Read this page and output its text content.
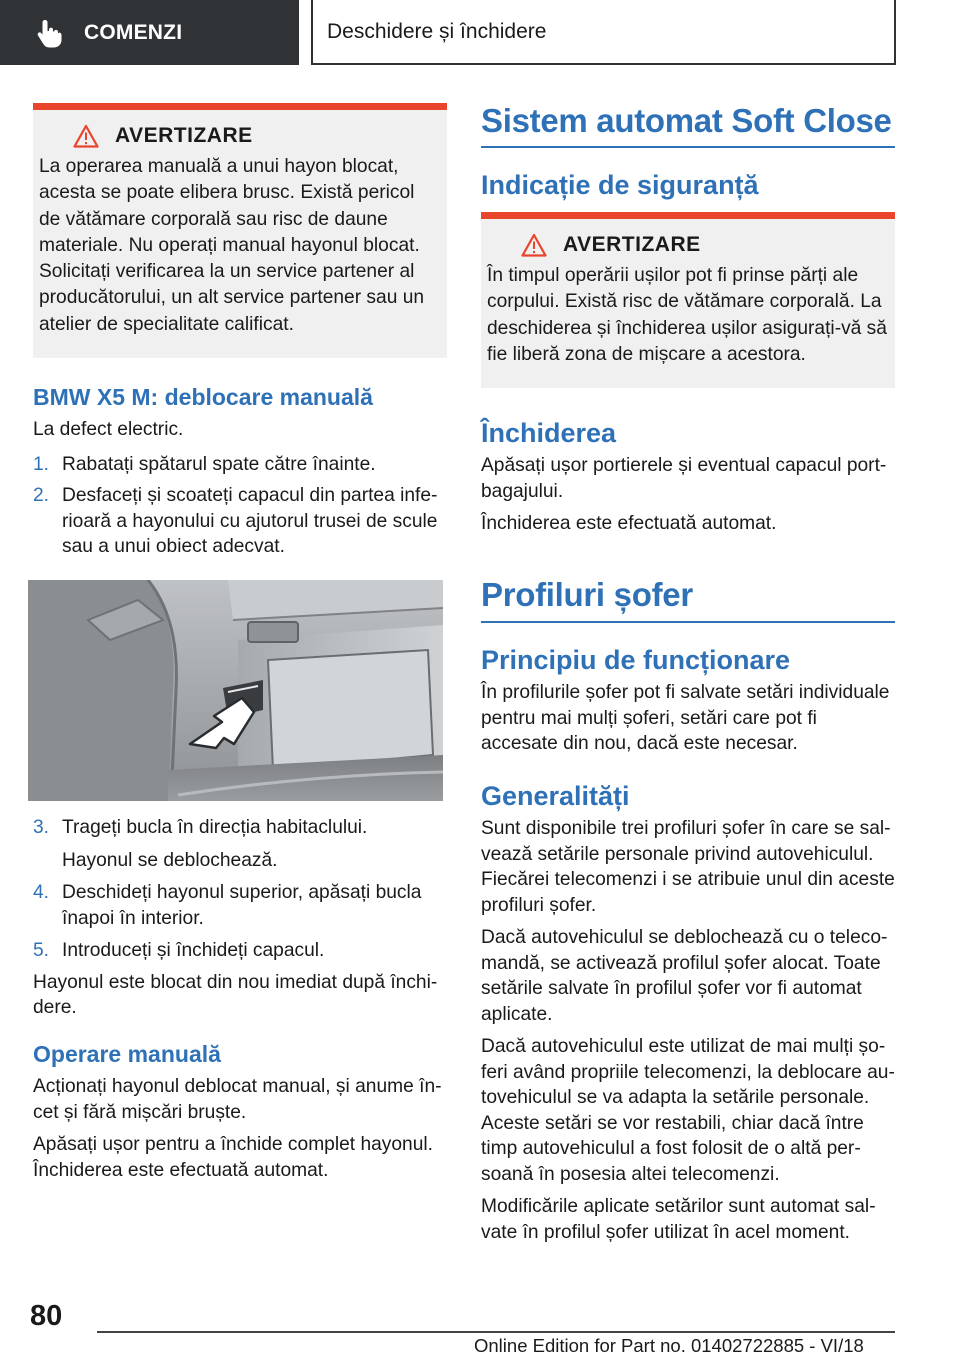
COMENZI	Deschidere și închidere
AVERTIZARE
La operarea manuală a unui hayon blocat, acesta se poate elibera brusc. Există pericol de vătămare corporală sau risc de daune materiale. Nu operați manual hayonul blocat. Solicitați verificarea la un service partener al producătorului, un alt service partener sau un atelier de specialitate calificat.
BMW X5 M: deblocare manuală

La defect electric.

1. Rabatați spătarul spate către înainte.
2. Desfaceți și scoateți capacul din partea inferioară a hayonului cu ajutorul trusei de scule sau a unui obiect adecvat.
3. Trageți bucla în direcția habitaclului.

Hayonul se deblochează.

4. Deschideți hayonul superior, apăsați bucla înapoi în interior.
5. Introduceți și închideți capacul.

Hayonul este blocat din nou imediat după închidere.

Operare manuală

Acționați hayonul deblocat manual, și anume încet și fără mișcări bruște.

Apăsați ușor pentru a închide complet hayonul. Închiderea este efectuată automat.

Sistem automat Soft Close
Indicație de siguranță
AVERTIZARE
În timpul operării ușilor pot fi prinse părți ale corpului. Există risc de vătămare corporală. La deschiderea și închiderea ușilor asigurați-vă să fie liberă zona de mișcare a acestora.
Închiderea

Apăsați ușor portierele și eventual capacul portbagajului.

Închiderea este efectuată automat.

Profiluri șofer
Principiu de funcționare

În profilurile șofer pot fi salvate setări individuale pentru mai mulți șoferi, setări care pot fi accesate din nou, dacă este necesar.

Generalități

Sunt disponibile trei profiluri șofer în care se salvează setările personale privind autovehiculul. Fiecărei telecomenzi i se atribuie unul din aceste profiluri șofer.

Dacă autovehiculul se deblochează cu o telecomandă, se activează profilul șofer alocat. Toate setările salvate în profilul șofer vor fi automat aplicate.

Dacă autovehiculul este utilizat de mai mulți șoferi având propriile telecomenzi, la deblocare autovehiculul se va adapta la setările personale. Aceste setări se vor restabili, chiar dacă între timp autovehiculul a fost folosit de o altă persoană în posesia altei telecomenzi.

Modificările aplicate setărilor sunt automat salvate în profilul șofer utilizat în acel moment.

80
Online Edition for Part no. 01402722885 - VI/18
